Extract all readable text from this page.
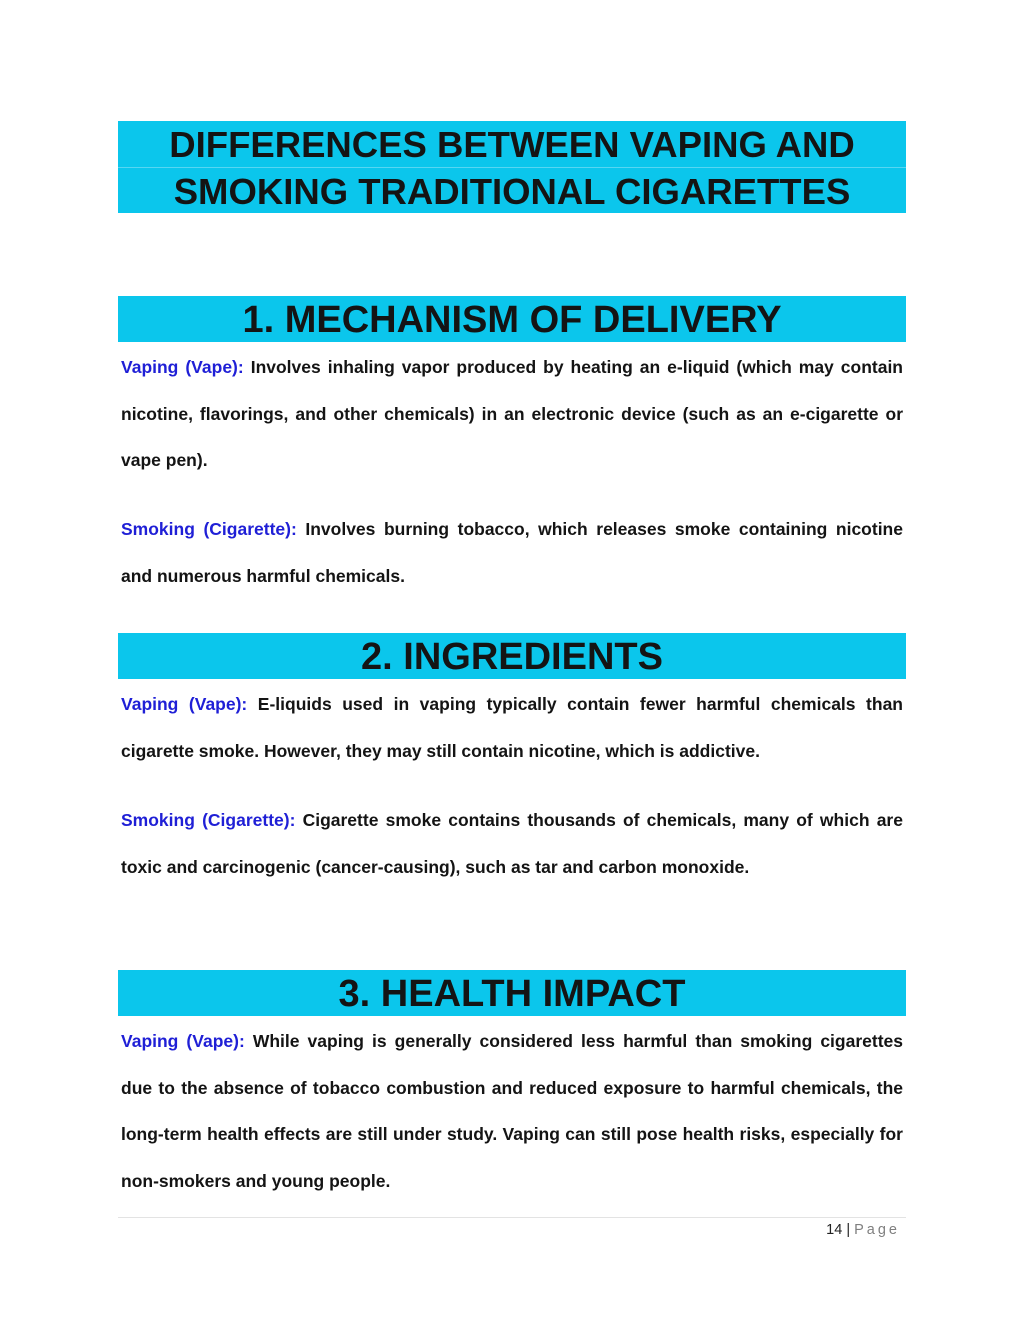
DIFFERENCES BETWEEN VAPING AND
SMOKING TRADITIONAL CIGARETTES
1. MECHANISM OF DELIVERY

Vaping (Vape): Involves inhaling vapor produced by heating an e-liquid (which may contain nicotine, flavorings, and other chemicals) in an electronic device (such as an e-cigarette or vape pen).

Smoking (Cigarette): Involves burning tobacco, which releases smoke containing nicotine and numerous harmful chemicals.

2. INGREDIENTS

Vaping (Vape): E-liquids used in vaping typically contain fewer harmful chemicals than cigarette smoke. However, they may still contain nicotine, which is addictive.

Smoking (Cigarette): Cigarette smoke contains thousands of chemicals, many of which are toxic and carcinogenic (cancer-causing), such as tar and carbon monoxide.

3. HEALTH IMPACT

Vaping (Vape): While vaping is generally considered less harmful than smoking cigarettes due to the absence of tobacco combustion and reduced exposure to harmful chemicals, the long-term health effects are still under study. Vaping can still pose health risks, especially for non-smokers and young people.

14 | Page
